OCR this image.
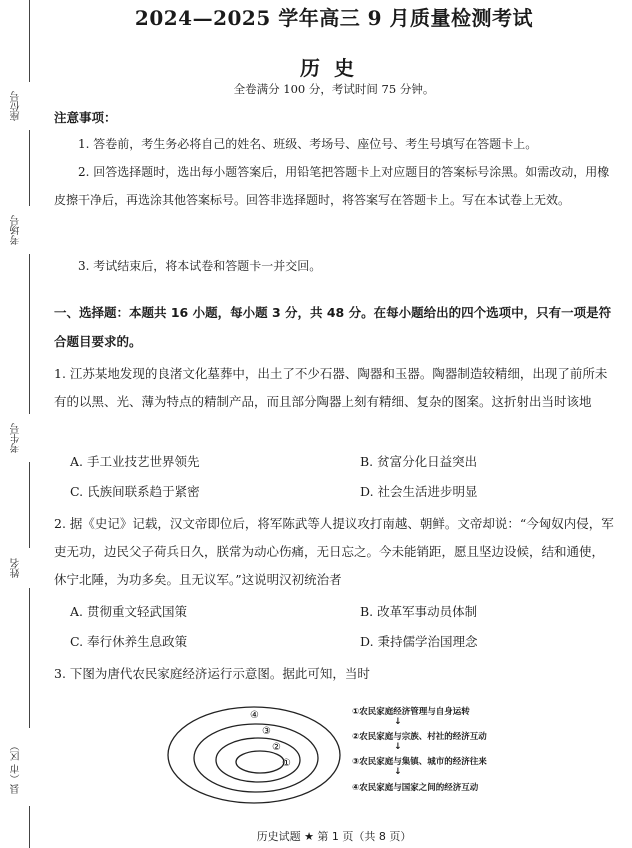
座位号
考场号
考生号
姓名
县（市 区）
2024—2025 学年高三 9 月质量检测考试
历史
全卷满分 100 分，考试时间 75 分钟。
注意事项：
1. 答卷前，考生务必将自己的姓名、班级、考场号、座位号、考生号填写在答题卡上。
2. 回答选择题时，选出每小题答案后，用铅笔把答题卡上对应题目的答案标号涂黑。如需改动，用橡皮擦干净后，再选涂其他答案标号。回答非选择题时，将答案写在答题卡上。写在本试卷上无效。
3. 考试结束后，将本试卷和答题卡一并交回。
一、选择题：本题共 16 小题，每小题 3 分，共 48 分。在每小题给出的四个选项中，只有一项是符合题目要求的。
1. 江苏某地发现的良渚文化墓葬中，出土了不少石器、陶器和玉器。陶器制造较精细，出现了前所未有的以黑、光、薄为特点的精制产品，而且部分陶器上刻有精细、复杂的图案。这折射出当时该地
A. 手工业技艺世界领先	B. 贫富分化日益突出
C. 氏族间联系趋于紧密	D. 社会生活进步明显
2. 据《史记》记载，汉文帝即位后，将军陈武等人提议攻打南越、朝鲜。文帝却说：“今匈奴内侵，军吏无功，边民父子荷兵日久，朕常为动心伤痛，无日忘之。今未能销距，愿且坚边设候，结和通使，休宁北陲，为功多矣。且无议军。”这说明汉初统治者
A. 贯彻重文轻武国策	B. 改革军事动员体制
C. 奉行休养生息政策	D. 秉持儒学治国理念
3. 下图为唐代农民家庭经济运行示意图。据此可知，当时
①
②
③
④	①农民家庭经济管理与自身运转
↓
②农民家庭与宗族、村社的经济互动
↓
③农民家庭与集镇、城市的经济往来
↓
④农民家庭与国家之间的经济互动
历史试题 ★ 第 1 页（共 8 页）
